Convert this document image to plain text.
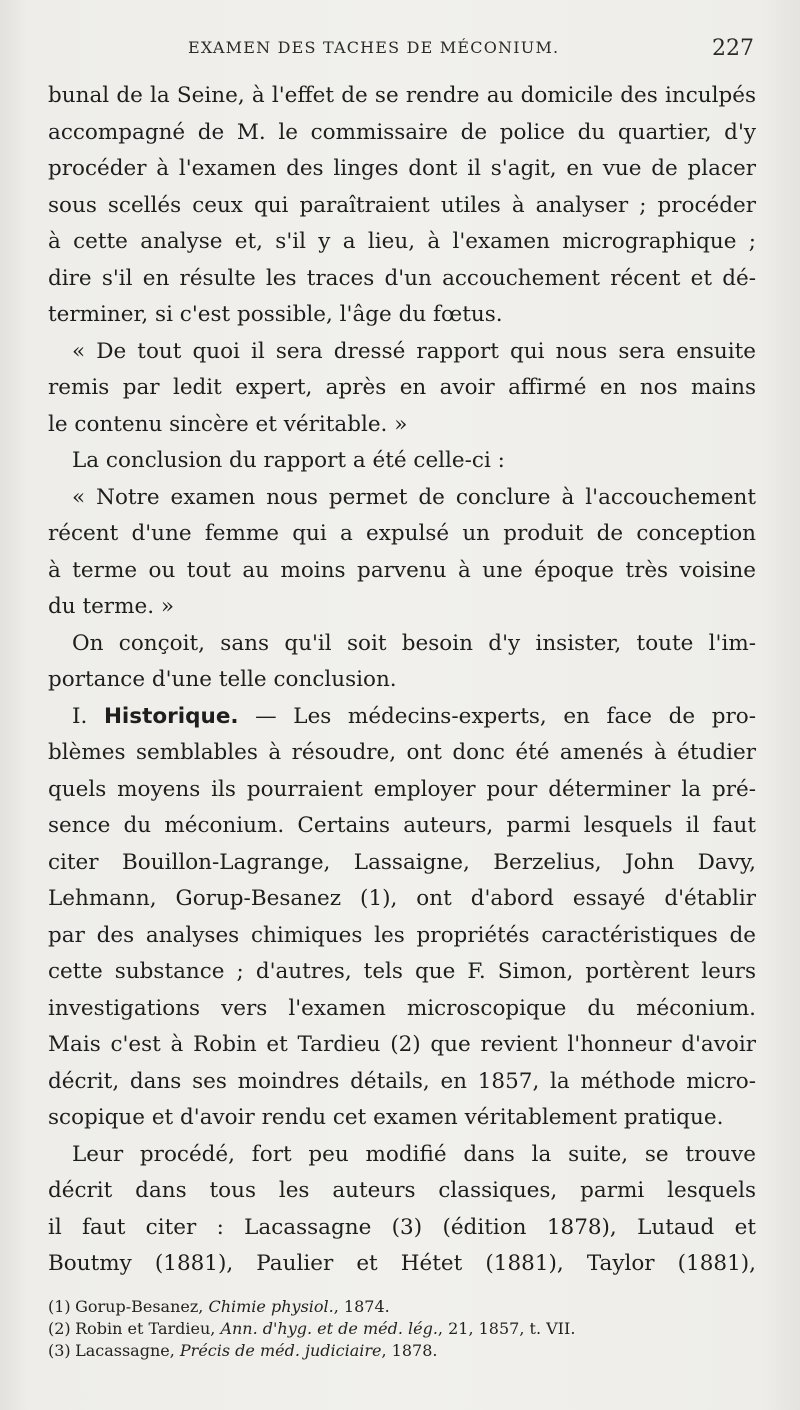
EXAMEN DES TACHES DE MÉCONIUM.	227
bunal de la Seine, à l'effet de se rendre au domicile des inculpés
accompagné de M. le commissaire de police du quartier, d'y
procéder à l'examen des linges dont il s'agit, en vue de placer
sous scellés ceux qui paraîtraient utiles à analyser ; procéder
à cette analyse et, s'il y a lieu, à l'examen micrographique ;
dire s'il en résulte les traces d'un accouchement récent et dé-
terminer, si c'est possible, l'âge du fœtus.
« De tout quoi il sera dressé rapport qui nous sera ensuite
remis par ledit expert, après en avoir affirmé en nos mains
le contenu sincère et véritable. »
La conclusion du rapport a été celle-ci :
« Notre examen nous permet de conclure à l'accouchement
récent d'une femme qui a expulsé un produit de conception
à terme ou tout au moins parvenu à une époque très voisine
du terme. »
On conçoit, sans qu'il soit besoin d'y insister, toute l'im-
portance d'une telle conclusion.
I. Historique. — Les médecins-experts, en face de pro-
blèmes semblables à résoudre, ont donc été amenés à étudier
quels moyens ils pourraient employer pour déterminer la pré-
sence du méconium. Certains auteurs, parmi lesquels il faut
citer Bouillon-Lagrange, Lassaigne, Berzelius, John Davy,
Lehmann, Gorup-Besanez (1), ont d'abord essayé d'établir
par des analyses chimiques les propriétés caractéristiques de
cette substance ; d'autres, tels que F. Simon, portèrent leurs
investigations vers l'examen microscopique du méconium.
Mais c'est à Robin et Tardieu (2) que revient l'honneur d'avoir
décrit, dans ses moindres détails, en 1857, la méthode micro-
scopique et d'avoir rendu cet examen véritablement pratique.
Leur procédé, fort peu modifié dans la suite, se trouve
décrit dans tous les auteurs classiques, parmi lesquels
il faut citer : Lacassagne (3) (édition 1878), Lutaud et
Boutmy (1881), Paulier et Hétet (1881), Taylor (1881),
(1) Gorup-Besanez, Chimie physiol., 1874.
(2) Robin et Tardieu, Ann. d'hyg. et de méd. lég., 21, 1857, t. VII.
(3) Lacassagne, Précis de méd. judiciaire, 1878.
